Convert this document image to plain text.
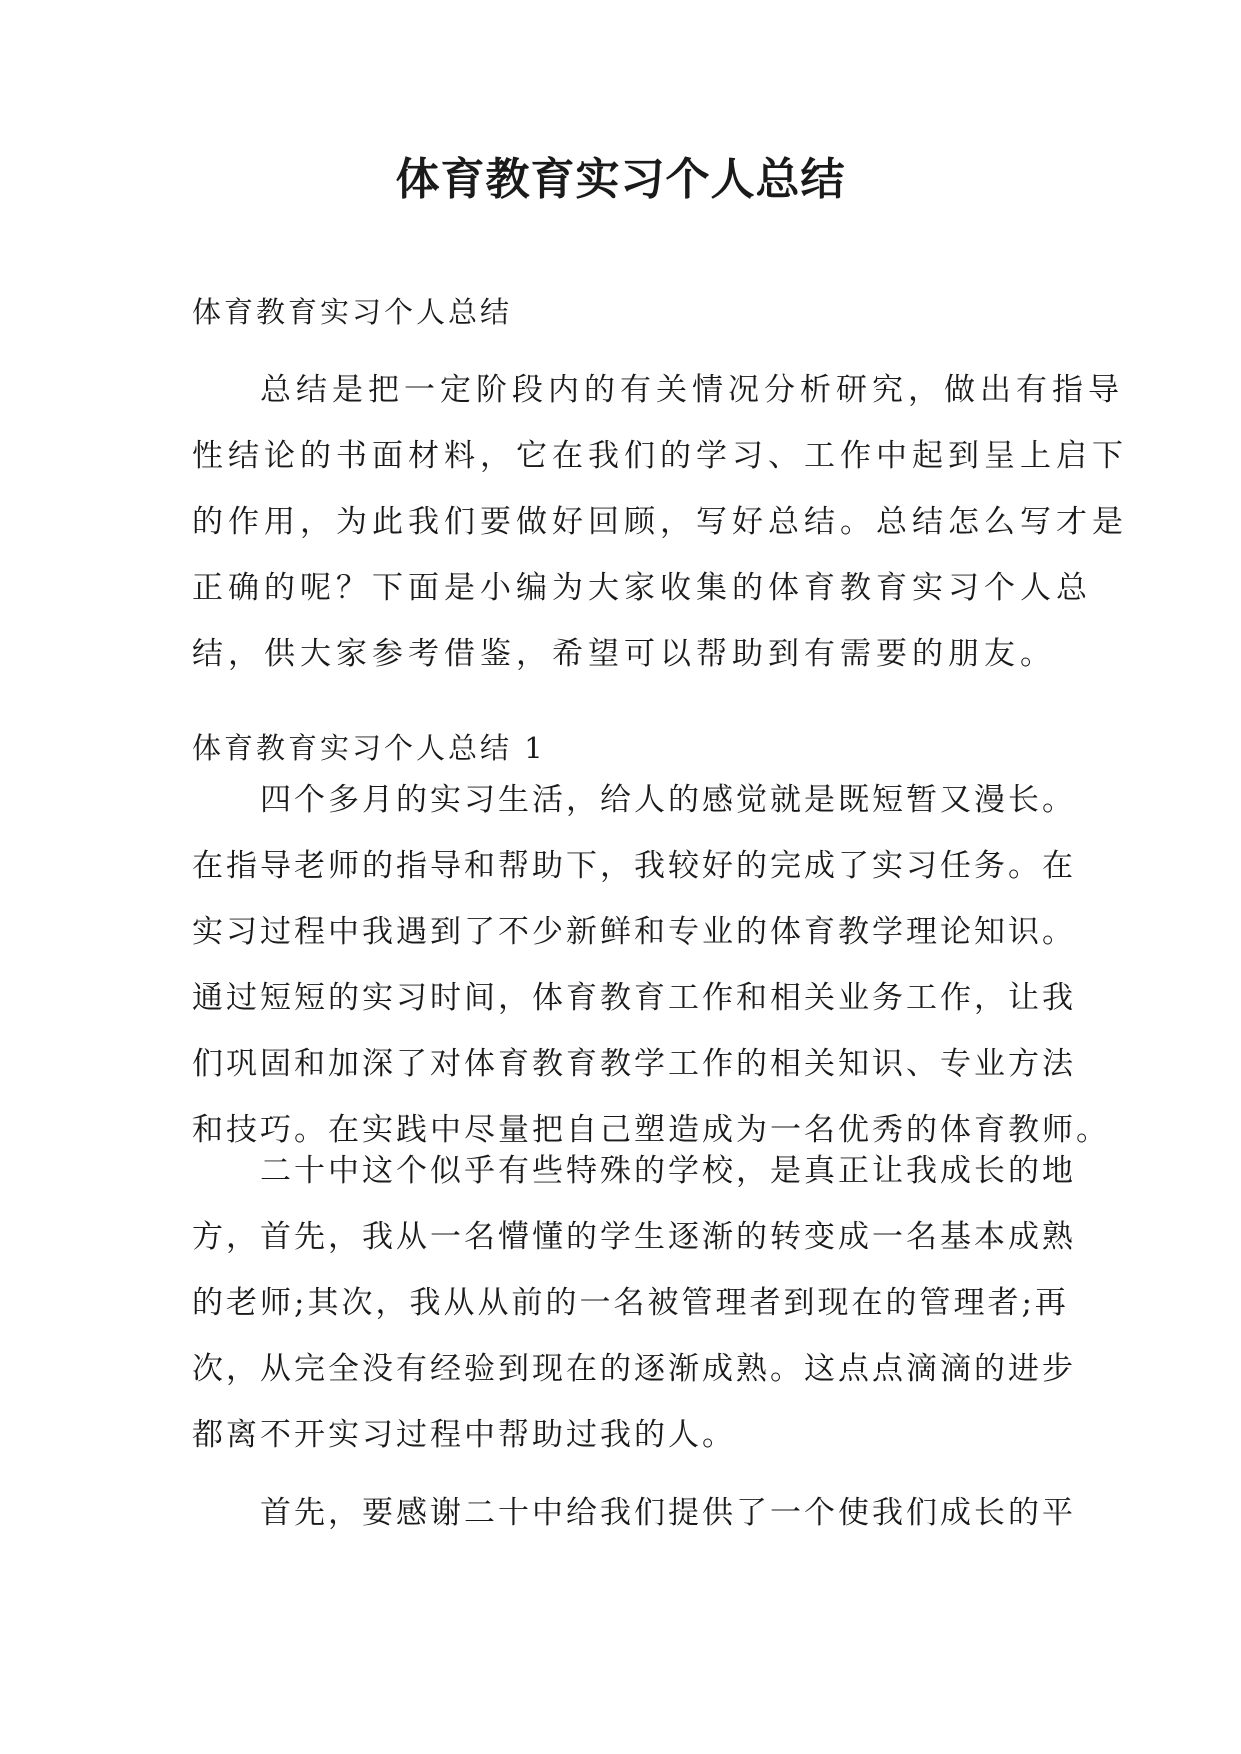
体育教育实习个人总结

体育教育实习个人总结

总结是把一定阶段内的有关情况分析研究，做出有指导
性结论的书面材料，它在我们的学习、工作中起到呈上启下
的作用，为此我们要做好回顾，写好总结。总结怎么写才是
正确的呢？下面是小编为大家收集的体育教育实习个人总
结，供大家参考借鉴，希望可以帮助到有需要的朋友。

体育教育实习个人总结 1

四个多月的实习生活，给人的感觉就是既短暂又漫长。
在指导老师的指导和帮助下，我较好的完成了实习任务。在
实习过程中我遇到了不少新鲜和专业的体育教学理论知识。
通过短短的实习时间，体育教育工作和相关业务工作，让我
们巩固和加深了对体育教育教学工作的相关知识、专业方法
和技巧。在实践中尽量把自己塑造成为一名优秀的体育教师。
二十中这个似乎有些特殊的学校，是真正让我成长的地
方，首先，我从一名懵懂的学生逐渐的转变成一名基本成熟
的老师;其次，我从从前的一名被管理者到现在的管理者;再
次，从完全没有经验到现在的逐渐成熟。这点点滴滴的进步
都离不开实习过程中帮助过我的人。
首先，要感谢二十中给我们提供了一个使我们成长的平
